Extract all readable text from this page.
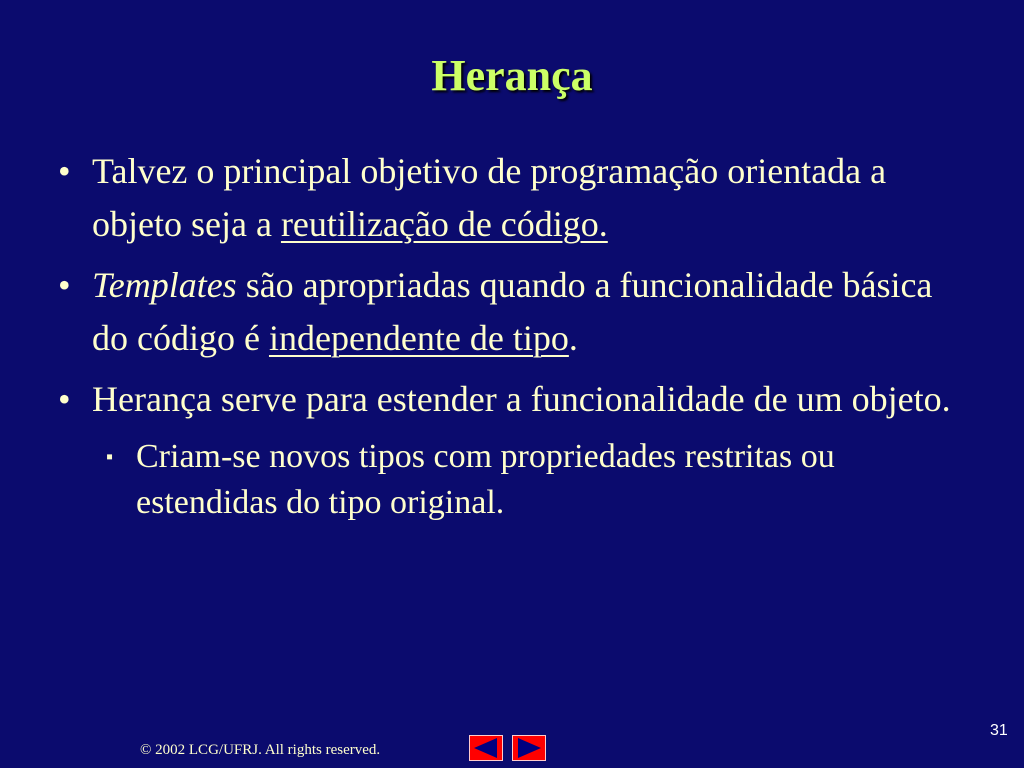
Herança
• Talvez o principal objetivo de programação orientada a objeto seja a reutilização de código.
• Templates são apropriadas quando a funcionalidade básica do código é independente de tipo.
• Herança serve para estender a funcionalidade de um objeto.
▪ Criam-se novos tipos com propriedades restritas ou estendidas do tipo original.
© 2002 LCG/UFRJ. All rights reserved.
31
